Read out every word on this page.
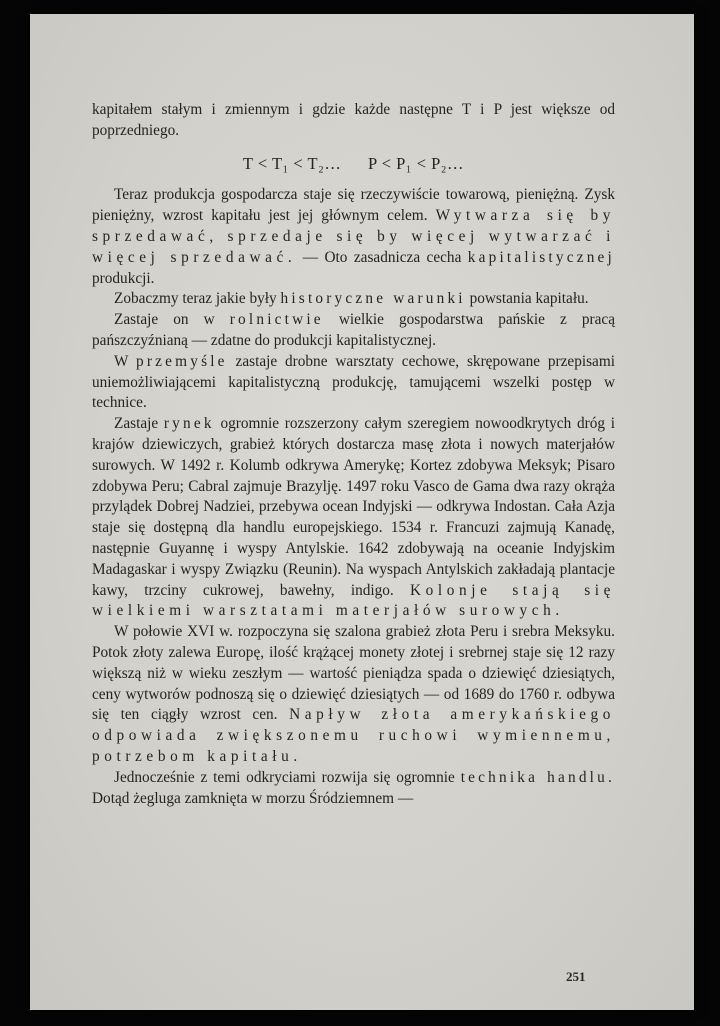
kapitałem stałym i zmiennym i gdzie każde następne T i P jest większe od poprzedniego.

T < T₁ < T₂… P < P₁ < P₂…

Teraz produkcja gospodarcza staje się rzeczywiście towarową, pieniężną. Zysk pieniężny, wzrost kapitału jest jej głównym celem. Wytwarza się by sprzedawać, sprzedaje się by więcej wytwarzać i więcej sprzedawać. — Oto zasadnicza cecha kapitalistycznej produkcji.

Zobaczmy teraz jakie były historyczne warunki powstania kapitału.

Zastaje on w rolnictwie wielkie gospodarstwa pańskie z pracą pańszczyźnianą — zdatne do produkcji kapitalistycznej.

W przemyśle zastaje drobne warsztaty cechowe, skrępowane przepisami uniemożliwiającemi kapitalistyczną produkcję, tamującemi wszelki postęp w technice.

Zastaje rynek ogromnie rozszerzony całym szeregiem nowoodkrytych dróg i krajów dziewiczych, grabież których dostarcza masę złota i nowych materjałów surowych. W 1492 r. Kolumb odkrywa Amerykę; Kortez zdobywa Meksyk; Pisaro zdobywa Peru; Cabral zajmuje Brazylję. 1497 roku Vasco de Gama dwa razy okrąża przylądek Dobrej Nadziei, przebywa ocean Indyjski — odkrywa Indostan. Cała Azja staje się dostępną dla handlu europejskiego. 1534 r. Francuzi zajmują Kanadę, następnie Guyannę i wyspy Antylskie. 1642 zdobywają na oceanie Indyjskim Madagaskar i wyspy Związku (Reunin). Na wyspach Antylskich zakładają plantacje kawy, trzciny cukrowej, bawełny, indigo. Kolonje stają się wielkiemi warsztatami materjałów surowych.

W połowie XVI w. rozpoczyna się szalona grabież złota Peru i srebra Meksyku. Potok złoty zalewa Europę, ilość krążącej monety złotej i srebrnej staje się 12 razy większą niż w wieku zeszłym — wartość pieniądza spada o dziewięć dziesiątych, ceny wytworów podnoszą się o dziewięć dziesiątych — od 1689 do 1760 r. odbywa się ten ciągły wzrost cen. Napływ złota amerykańskiego odpowiada zwiększonemu ruchowi wymiennemu, potrzebom kapitału.

Jednocześnie z temi odkryciami rozwija się ogromnie technika handlu. Dotąd żegluga zamknięta w morzu Śródziemnem —

251
